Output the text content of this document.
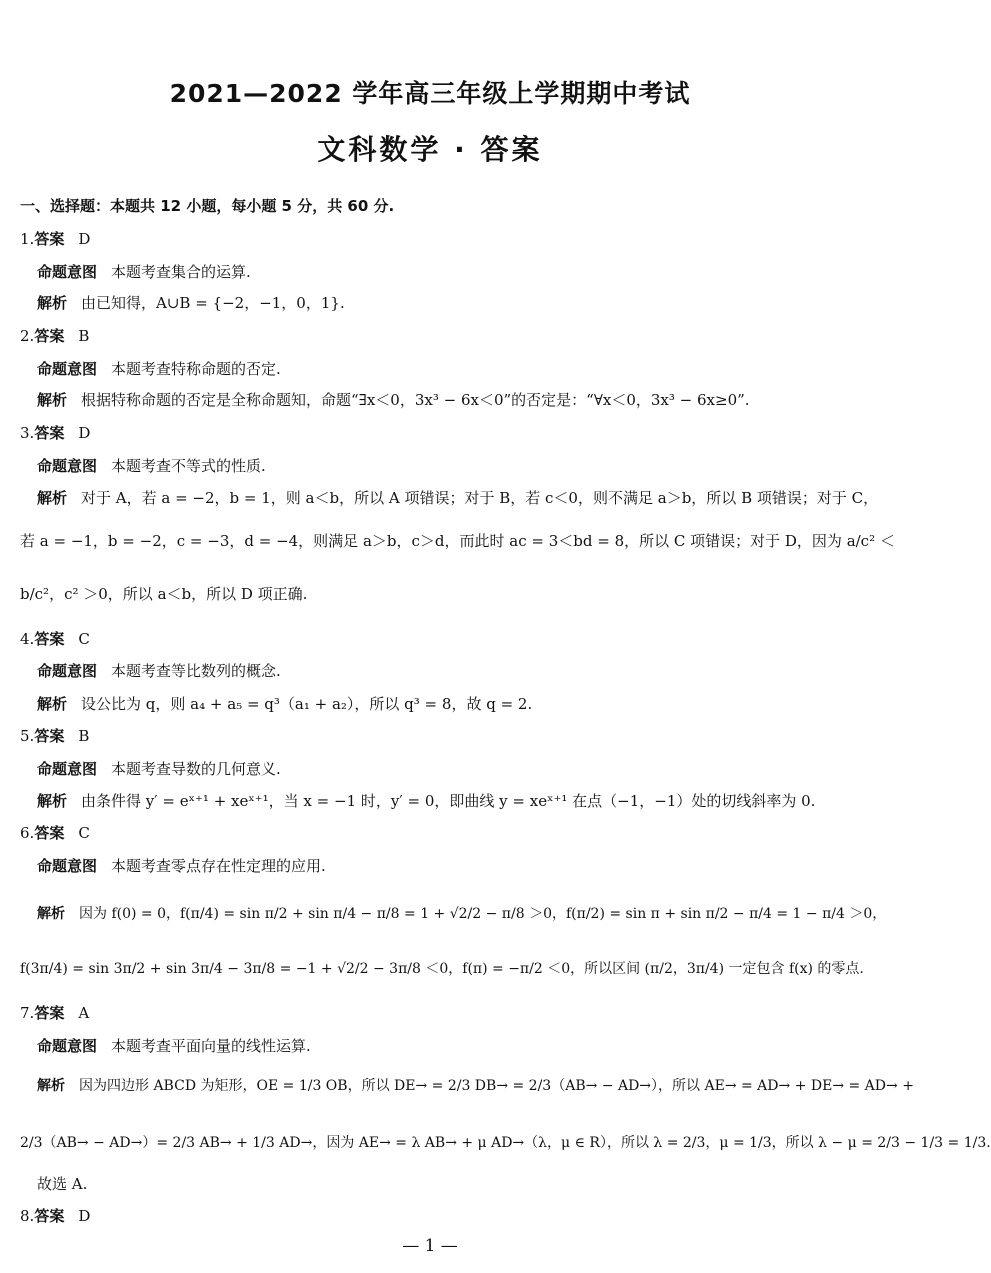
2021—2022 学年高三年级上学期期中考试
文科数学 · 答案
一、选择题：本题共 12 小题，每小题 5 分，共 60 分.
1.答案 D
命题意图 本题考查集合的运算.
解析 由已知得，A∪B = {−2，−1，0，1}.
2.答案 B
命题意图 本题考查特称命题的否定.
解析 根据特称命题的否定是全称命题知，命题“∃x＜0，3x³ − 6x＜0”的否定是：“∀x＜0，3x³ − 6x≥0”.
3.答案 D
命题意图 本题考查不等式的性质.
解析 对于 A，若 a = −2，b = 1，则 a＜b，所以 A 项错误；对于 B，若 c＜0，则不满足 a＞b，所以 B 项错误；对于 C，
若 a = −1，b = −2，c = −3，d = −4，则满足 a＞b，c＞d，而此时 ac = 3＜bd = 8，所以 C 项错误；对于 D，因为 a/c² ＜
b/c²，c² ＞0，所以 a＜b，所以 D 项正确.
4.答案 C
命题意图 本题考查等比数列的概念.
解析 设公比为 q，则 a₄ + a₅ = q³（a₁ + a₂），所以 q³ = 8，故 q = 2.
5.答案 B
命题意图 本题考查导数的几何意义.
解析 由条件得 y′ = eˣ⁺¹ + xeˣ⁺¹，当 x = −1 时，y′ = 0，即曲线 y = xeˣ⁺¹ 在点（−1，−1）处的切线斜率为 0.
6.答案 C
命题意图 本题考查零点存在性定理的应用.
解析 因为 f(0) = 0，f(π/4) = sin π/2 + sin π/4 − π/8 = 1 + √2/2 − π/8 ＞0，f(π/2) = sin π + sin π/2 − π/4 = 1 − π/4 ＞0，
f(3π/4) = sin 3π/2 + sin 3π/4 − 3π/8 = −1 + √2/2 − 3π/8 ＜0，f(π) = −π/2 ＜0，所以区间 (π/2，3π/4) 一定包含 f(x) 的零点.
7.答案 A
命题意图 本题考查平面向量的线性运算.
解析 因为四边形 ABCD 为矩形，OE = 1/3 OB，所以 DE→ = 2/3 DB→ = 2/3（AB→ − AD→），所以 AE→ = AD→ + DE→ = AD→ +
2/3（AB→ − AD→）= 2/3 AB→ + 1/3 AD→，因为 AE→ = λ AB→ + μ AD→（λ，μ ∈ R），所以 λ = 2/3，μ = 1/3，所以 λ − μ = 2/3 − 1/3 = 1/3.
故选 A.
8.答案 D
— 1 —
